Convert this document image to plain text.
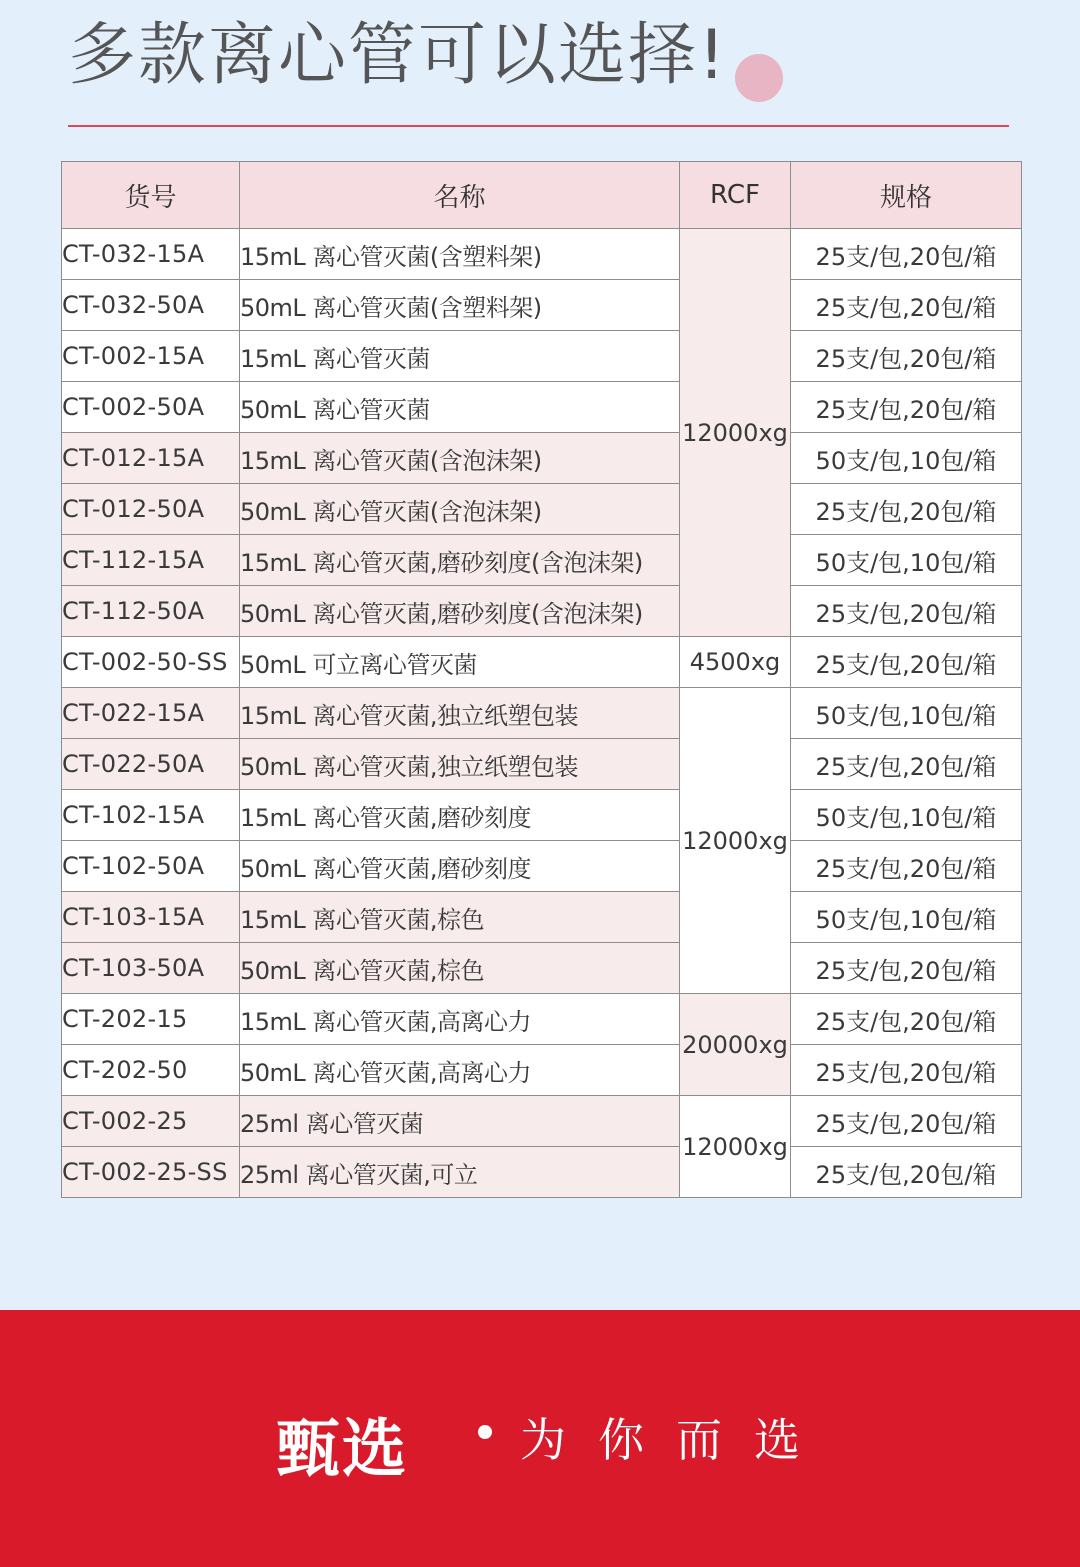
多款离心管可以选择!
货号	名称	RCF	规格
CT-032-15A	15mL 离心管灭菌(含塑料架)	12000xg	25支/包,20包/箱
CT-032-50A	50mL 离心管灭菌(含塑料架)		25支/包,20包/箱
CT-002-15A	15mL 离心管灭菌		25支/包,20包/箱
CT-002-50A	50mL 离心管灭菌		25支/包,20包/箱
CT-012-15A	15mL 离心管灭菌(含泡沫架)		50支/包,10包/箱
CT-012-50A	50mL 离心管灭菌(含泡沫架)		25支/包,20包/箱
CT-112-15A	15mL 离心管灭菌,磨砂刻度(含泡沫架)		50支/包,10包/箱
CT-112-50A	50mL 离心管灭菌,磨砂刻度(含泡沫架)		25支/包,20包/箱
CT-002-50-SS	50mL 可立离心管灭菌	4500xg	25支/包,20包/箱
CT-022-15A	15mL 离心管灭菌,独立纸塑包装	12000xg	50支/包,10包/箱
CT-022-50A	50mL 离心管灭菌,独立纸塑包装		25支/包,20包/箱
CT-102-15A	15mL 离心管灭菌,磨砂刻度		50支/包,10包/箱
CT-102-50A	50mL 离心管灭菌,磨砂刻度		25支/包,20包/箱
CT-103-15A	15mL 离心管灭菌,棕色		50支/包,10包/箱
CT-103-50A	50mL 离心管灭菌,棕色		25支/包,20包/箱
CT-202-15	15mL 离心管灭菌,高离心力	20000xg	25支/包,20包/箱
CT-202-50	50mL 离心管灭菌,高离心力		25支/包,20包/箱
CT-002-25	25ml 离心管灭菌	12000xg	25支/包,20包/箱
CT-002-25-SS	25ml 离心管灭菌,可立		25支/包,20包/箱
甄选 为你而选
